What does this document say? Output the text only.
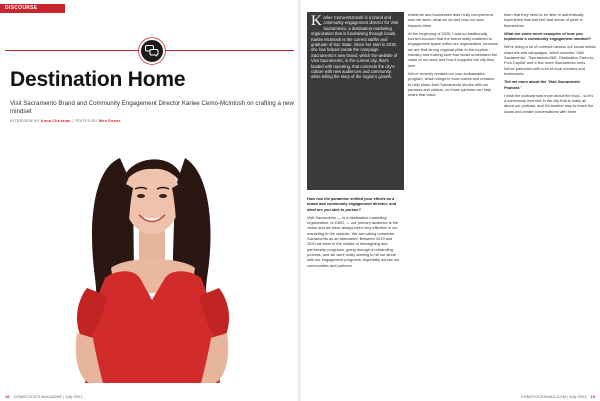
DISCOURSE
Destination Home

Visit Sacramento Brand and Community Engagement Director Karlee Cemo-McIntosh on crafting a new mindset

INTERVIEW BY Anna Christian │ EDITED BY Wes Deans
18 COMSTOCK'S MAGAZINE | July 2021

Karlee Cemo-McIntosh is a brand and community engagement director for Visit Sacramento, a destination-marketing organization that is fundraising through locals. Karlee McIntosh is the current staffer and graduate of Sac State. Since her start in 2016, she has helped create the campaign Sacramento's new brand, which the website of Visit Sacramento, in the current city, that's loaded with reporting, that connects the city's culture with new audiences and community, while telling the story of the region's growth.

How has the pandemic shifted your efforts as a brand and community engagement director, and what are you able to pursue?

Visit Sacramento — is a destination marketing organization, or DMO, — our primary audience is the visitor and we have always been very effective in our marketing to the outsider. We are calling ourselves Sacramento as an alternative. Between 2019 and 2020 we were in the middle of reimagining and partnership programs, going through a rebranding process, and we were really starting to hit our stride with our engagement programs, especially across our communities and partners.

residents and businesses didn't fully comprehend who we were, what we do and how our work impacts them.

At the beginning of 2020, I was so traditionally tourism-focused that the brand really mattered to engagement space within our organization, because we are that strong regional pillar to the tourism industry and making sure that locals understand the value of our work and how it supports the city they love.

We've recently created our own ambassador program, which brings in local voices and creators to help share their Sacramento stories with our partners and visitors, so those partners can help share that voice.

learn that they need to be able to authentically experience that and feel that sense of pride in themselves.

What are some more examples of how you implement a community engagement mindset?

We're doing a lot of outreach across our social media channels and campaigns, which includes 'Visit Sacramento', 'Sacramento365', Destination Farm-to-Fork Capital' and a few more Sacramento ones. We've partnered with a lot of local creators and businesses.

Tell me more about the 'Visit Sacramento Podcast.'

I wish the podcast was more about the food... so it's a community exercise in the city that is really all about our podcast, and it's another way to reach the locals and create conversations with them.

COMSTOCKSMAG.COM | July 2021 19
